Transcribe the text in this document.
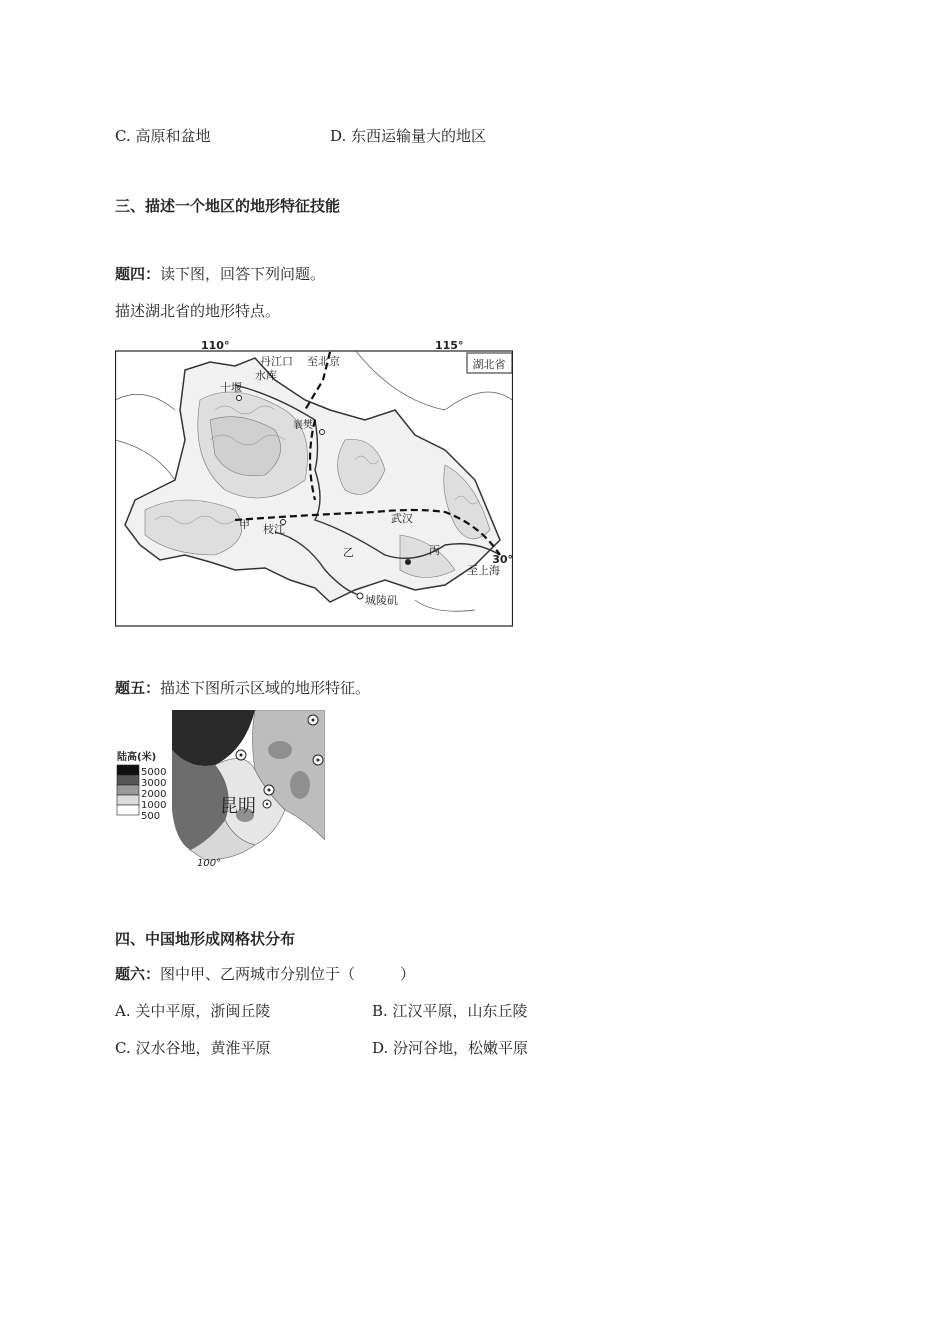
C. 高原和盆地	D. 东西运输量大的地区
三、描述一个地区的地形特征技能
题四：读下图，回答下列问题。
描述湖北省的地形特点。
110°	115°
30°
湖北省
丹江口
水库
至北京
十堰
襄樊
甲 枝江
武汉
乙	丙
至上海
城陵矶
题五：描述下图所示区域的地形特征。
陆高(米)
5000
3000
2000
1000
500	昆明
100°
四、中国地形成网格状分布
题六：图中甲、乙两城市分别位于（　　　）
A. 关中平原，浙闽丘陵	B. 江汉平原，山东丘陵
C. 汉水谷地，黄淮平原	D. 汾河谷地，松嫩平原
